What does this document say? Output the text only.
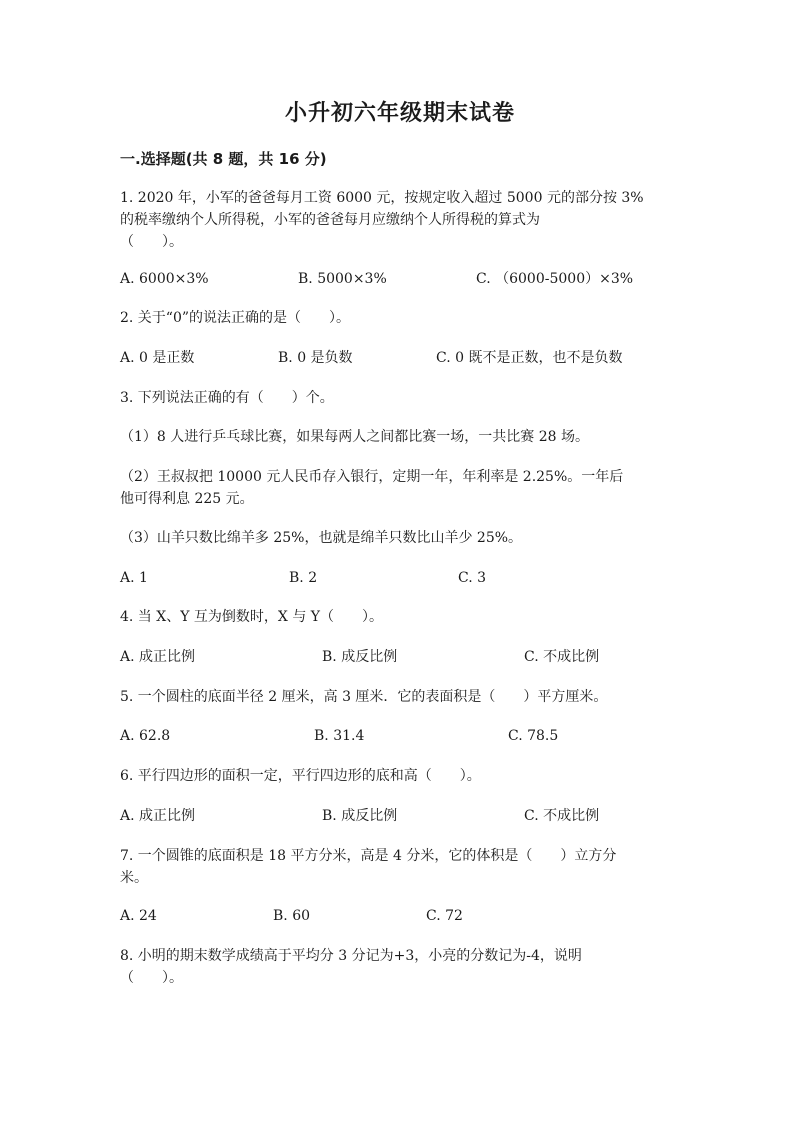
小升初六年级期末试卷
一.选择题(共 8 题，共 16 分)
1. 2020 年，小军的爸爸每月工资 6000 元，按规定收入超过 5000 元的部分按 3%
的税率缴纳个人所得税，小军的爸爸每月应缴纳个人所得税的算式为
（　　）。
A. 6000×3%	B. 5000×3%	C. （6000-5000）×3%
2. 关于“0”的说法正确的是（　　）。
A. 0 是正数	B. 0 是负数	C. 0 既不是正数，也不是负数
3. 下列说法正确的有（　　）个。
（1）8 人进行乒乓球比赛，如果每两人之间都比赛一场，一共比赛 28 场。
（2）王叔叔把 10000 元人民币存入银行，定期一年，年利率是 2.25%。一年后
他可得利息 225 元。
（3）山羊只数比绵羊多 25%，也就是绵羊只数比山羊少 25%。
A. 1	B. 2	C. 3
4. 当 X、Y 互为倒数时，X 与 Y（　　）。
A. 成正比例	B. 成反比例	C. 不成比例
5. 一个圆柱的底面半径 2 厘米，高 3 厘米．它的表面积是（　　）平方厘米。
A. 62.8	B. 31.4	C. 78.5
6. 平行四边形的面积一定，平行四边形的底和高（　　）。
A. 成正比例	B. 成反比例	C. 不成比例
7. 一个圆锥的底面积是 18 平方分米，高是 4 分米，它的体积是（　　）立方分
米。
A. 24	B. 60	C. 72
8. 小明的期末数学成绩高于平均分 3 分记为+3，小亮的分数记为-4，说明
（　　）。
